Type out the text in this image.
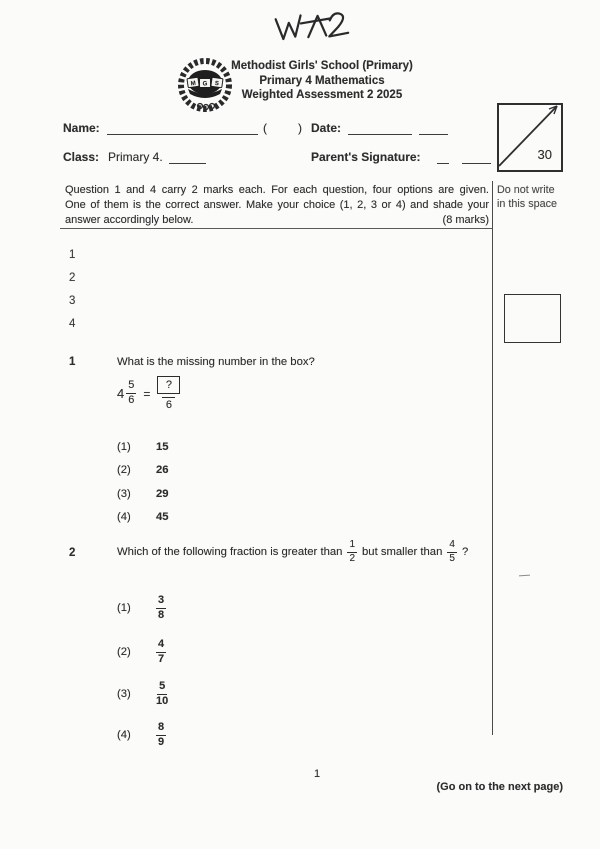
M G S
Methodist Girls' School (Primary)
Primary 4 Mathematics
Weighted Assessment 2 2025
Name:	(	) Date:
Class: Primary 4.	Parent's Signature:	30
Question 1 and 4 carry 2 marks each. For each question, four options are given.
One of them is the correct answer. Make your choice (1, 2, 3 or 4) and shade your
answer accordingly below.	(8 marks)
Do not write in this space
1
2
3
4
1	What is the missing number in the box?
$4 \frac{5}{6}$ =
?
6
(1)	15
(2)	26
(3)	29
(4)	45
2	Which of the following fraction is greater than $\frac{1}{2}$ but smaller than $\frac{4}{5}$ ?
(1)	$\frac{3}{8}$
(2)	$\frac{4}{7}$
(3)	$\frac{5}{10}$
(4)	$\frac{8}{9}$
1
(Go on to the next page)
